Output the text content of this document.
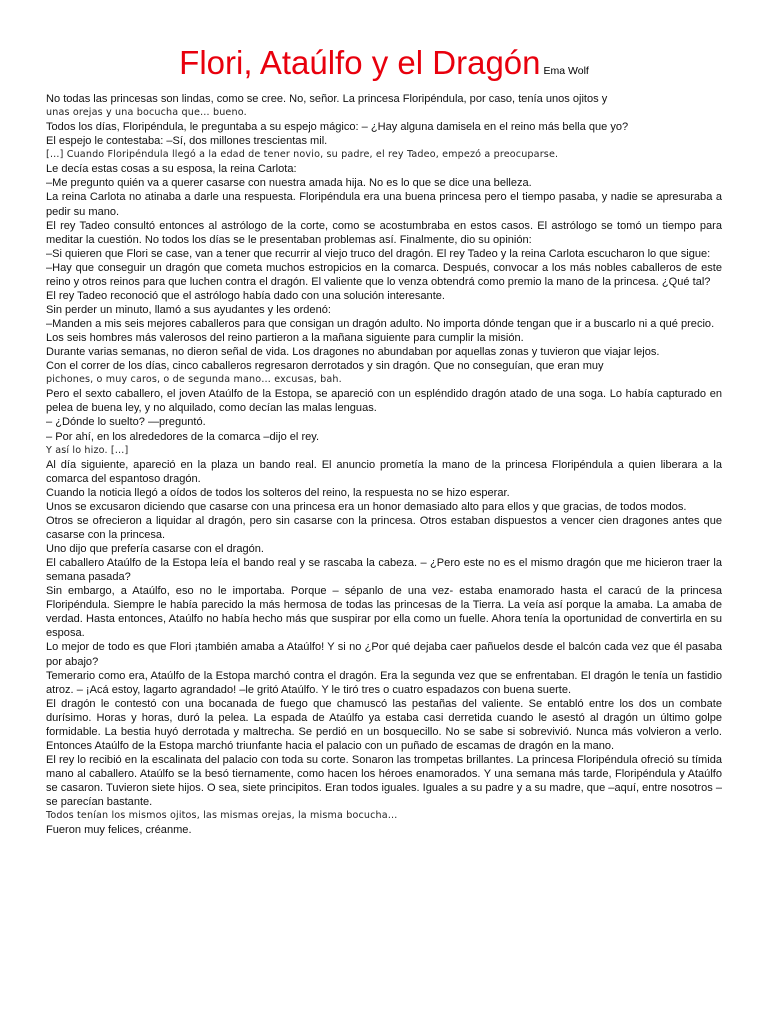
Flori, Ataúlfo y el Dragón Ema Wolf

No todas las princesas son lindas, como se cree. No, señor. La princesa Floripéndula, por caso, tenía unos ojitos y

unas orejas y una bocucha que… bueno.

Todos los días, Floripéndula, le preguntaba a su espejo mágico: – ¿Hay alguna damisela en el reino más bella que yo?

El espejo le contestaba: –Sí, dos millones trescientas mil.

[…] Cuando Floripéndula llegó a la edad de tener novio, su padre, el rey Tadeo, empezó a preocuparse.

Le decía estas cosas a su esposa, la reina Carlota:

–Me pregunto quién va a querer casarse con nuestra amada hija. No es lo que se dice una belleza.

La reina Carlota no atinaba a darle una respuesta. Floripéndula era una buena princesa pero el tiempo pasaba, y nadie se apresuraba a pedir su mano.

El rey Tadeo consultó entonces al astrólogo de la corte, como se acostumbraba en estos casos. El astrólogo se tomó un tiempo para meditar la cuestión. No todos los días se le presentaban problemas así. Finalmente, dio su opinión:

–Si quieren que Flori se case, van a tener que recurrir al viejo truco del dragón. El rey Tadeo y la reina Carlota escucharon lo que sigue:

–Hay que conseguir un dragón que cometa muchos estropicios en la comarca. Después, convocar a los más nobles caballeros de este reino y otros reinos para que luchen contra el dragón. El valiente que lo venza obtendrá como premio la mano de la princesa. ¿Qué tal?

El rey Tadeo reconoció que el astrólogo había dado con una solución interesante.

Sin perder un minuto, llamó a sus ayudantes y les ordenó:

–Manden a mis seis mejores caballeros para que consigan un dragón adulto. No importa dónde tengan que ir a buscarlo ni a qué precio.

Los seis hombres más valerosos del reino partieron a la mañana siguiente para cumplir la misión.

Durante varias semanas, no dieron señal de vida. Los dragones no abundaban por aquellas zonas y tuvieron que viajar lejos.

Con el correr de los días, cinco caballeros regresaron derrotados y sin dragón. Que no conseguían, que eran muy

pichones, o muy caros, o de segunda mano… excusas, bah.

Pero el sexto caballero, el joven Ataúlfo de la Estopa, se apareció con un espléndido dragón atado de una soga. Lo había capturado en pelea de buena ley, y no alquilado, como decían las malas lenguas.

– ¿Dónde lo suelto? —preguntó.

– Por ahí, en los alrededores de la comarca –dijo el rey.

Y así lo hizo. […]

Al día siguiente, apareció en la plaza un bando real. El anuncio prometía la mano de la princesa Floripéndula a quien liberara a la comarca del espantoso dragón.

Cuando la noticia llegó a oídos de todos los solteros del reino, la respuesta no se hizo esperar.

Unos se excusaron diciendo que casarse con una princesa era un honor demasiado alto para ellos y que gracias, de todos modos.

Otros se ofrecieron a liquidar al dragón, pero sin casarse con la princesa. Otros estaban dispuestos a vencer cien dragones antes que casarse con la princesa.

Uno dijo que prefería casarse con el dragón.

El caballero Ataúlfo de la Estopa leía el bando real y se rascaba la cabeza. – ¿Pero este no es el mismo dragón que me hicieron traer la semana pasada?

Sin embargo, a Ataúlfo, eso no le importaba. Porque – sépanlo de una vez- estaba enamorado hasta el caracú de la princesa Floripéndula. Siempre le había parecido la más hermosa de todas las princesas de la Tierra. La veía así porque la amaba. La amaba de verdad. Hasta entonces, Ataúlfo no había hecho más que suspirar por ella como un fuelle. Ahora tenía la oportunidad de convertirla en su esposa.

Lo mejor de todo es que Flori ¡también amaba a Ataúlfo! Y si no ¿Por qué dejaba caer pañuelos desde el balcón cada vez que él pasaba por abajo?

Temerario como era, Ataúlfo de la Estopa marchó contra el dragón. Era la segunda vez que se enfrentaban. El dragón le tenía un fastidio atroz. – ¡Acá estoy, lagarto agrandado! –le gritó Ataúlfo. Y le tiró tres o cuatro espadazos con buena suerte.

El dragón le contestó con una bocanada de fuego que chamuscó las pestañas del valiente. Se entabló entre los dos un combate durísimo. Horas y horas, duró la pelea. La espada de Ataúlfo ya estaba casi derretida cuando le asestó al dragón un último golpe formidable. La bestia huyó derrotada y maltrecha. Se perdió en un bosquecillo. No se sabe si sobrevivió. Nunca más volvieron a verlo. Entonces Ataúlfo de la Estopa marchó triunfante hacia el palacio con un puñado de escamas de dragón en la mano.

El rey lo recibió en la escalinata del palacio con toda su corte. Sonaron las trompetas brillantes. La princesa Floripéndula ofreció su tímida mano al caballero. Ataúlfo se la besó tiernamente, como hacen los héroes enamorados. Y una semana más tarde, Floripéndula y Ataúlfo se casaron. Tuvieron siete hijos. O sea, siete principitos. Eran todos iguales. Iguales a su padre y a su madre, que –aquí, entre nosotros –se parecían bastante.

Todos tenían los mismos ojitos, las mismas orejas, la misma bocucha…

Fueron muy felices, créanme.
